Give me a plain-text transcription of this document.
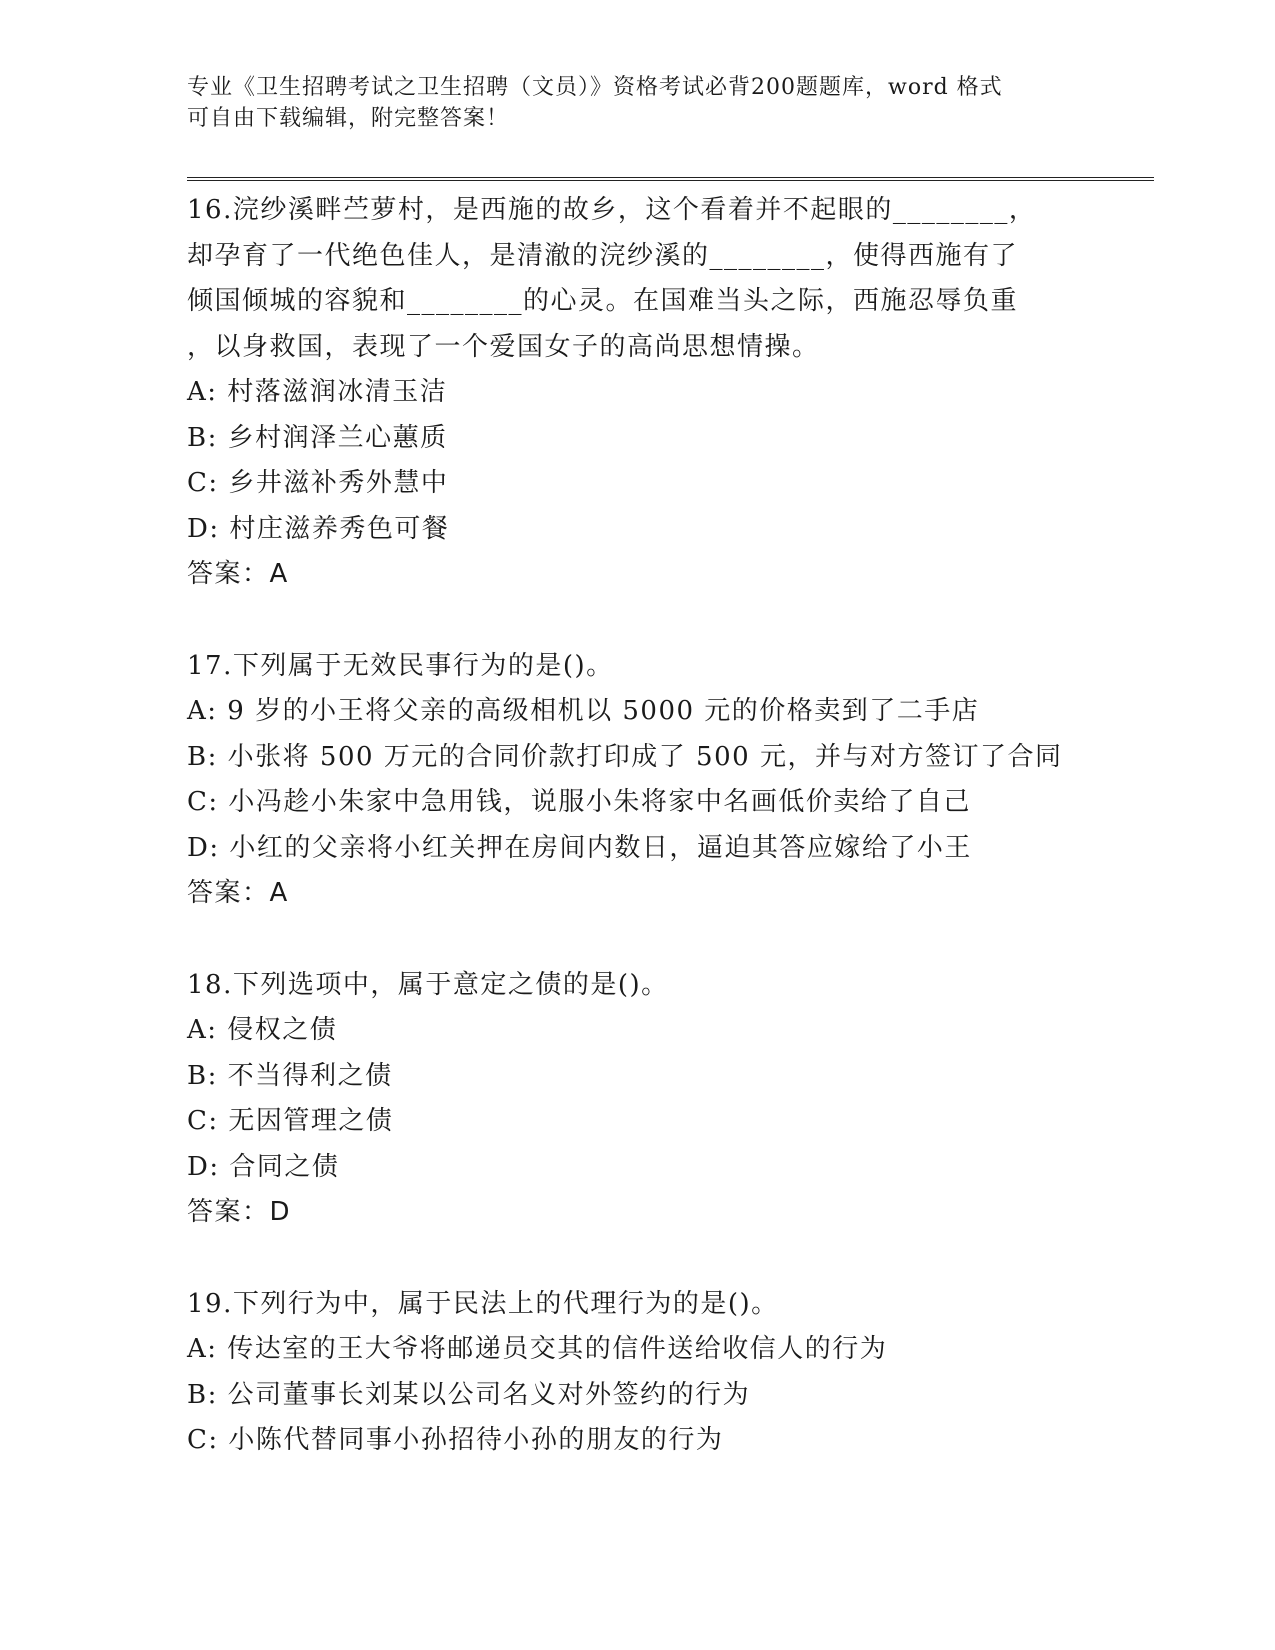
专业《卫生招聘考试之卫生招聘（文员）》资格考试必背200题题库，word 格式
可自由下载编辑，附完整答案！
16.浣纱溪畔苎萝村，是西施的故乡，这个看着并不起眼的________，
却孕育了一代绝色佳人，是清澈的浣纱溪的________，使得西施有了
倾国倾城的容貌和________的心灵。在国难当头之际，西施忍辱负重
，以身救国，表现了一个爱国女子的高尚思想情操。
A: 村落滋润冰清玉洁
B: 乡村润泽兰心蕙质
C: 乡井滋补秀外慧中
D: 村庄滋养秀色可餐
答案：A
17.下列属于无效民事行为的是()。
A: 9 岁的小王将父亲的高级相机以 5000 元的价格卖到了二手店
B: 小张将 500 万元的合同价款打印成了 500 元，并与对方签订了合同
C: 小冯趁小朱家中急用钱，说服小朱将家中名画低价卖给了自己
D: 小红的父亲将小红关押在房间内数日，逼迫其答应嫁给了小王
答案：A
18.下列选项中，属于意定之债的是()。
A: 侵权之债
B: 不当得利之债
C: 无因管理之债
D: 合同之债
答案：D
19.下列行为中，属于民法上的代理行为的是()。
A: 传达室的王大爷将邮递员交其的信件送给收信人的行为
B: 公司董事长刘某以公司名义对外签约的行为
C: 小陈代替同事小孙招待小孙的朋友的行为
